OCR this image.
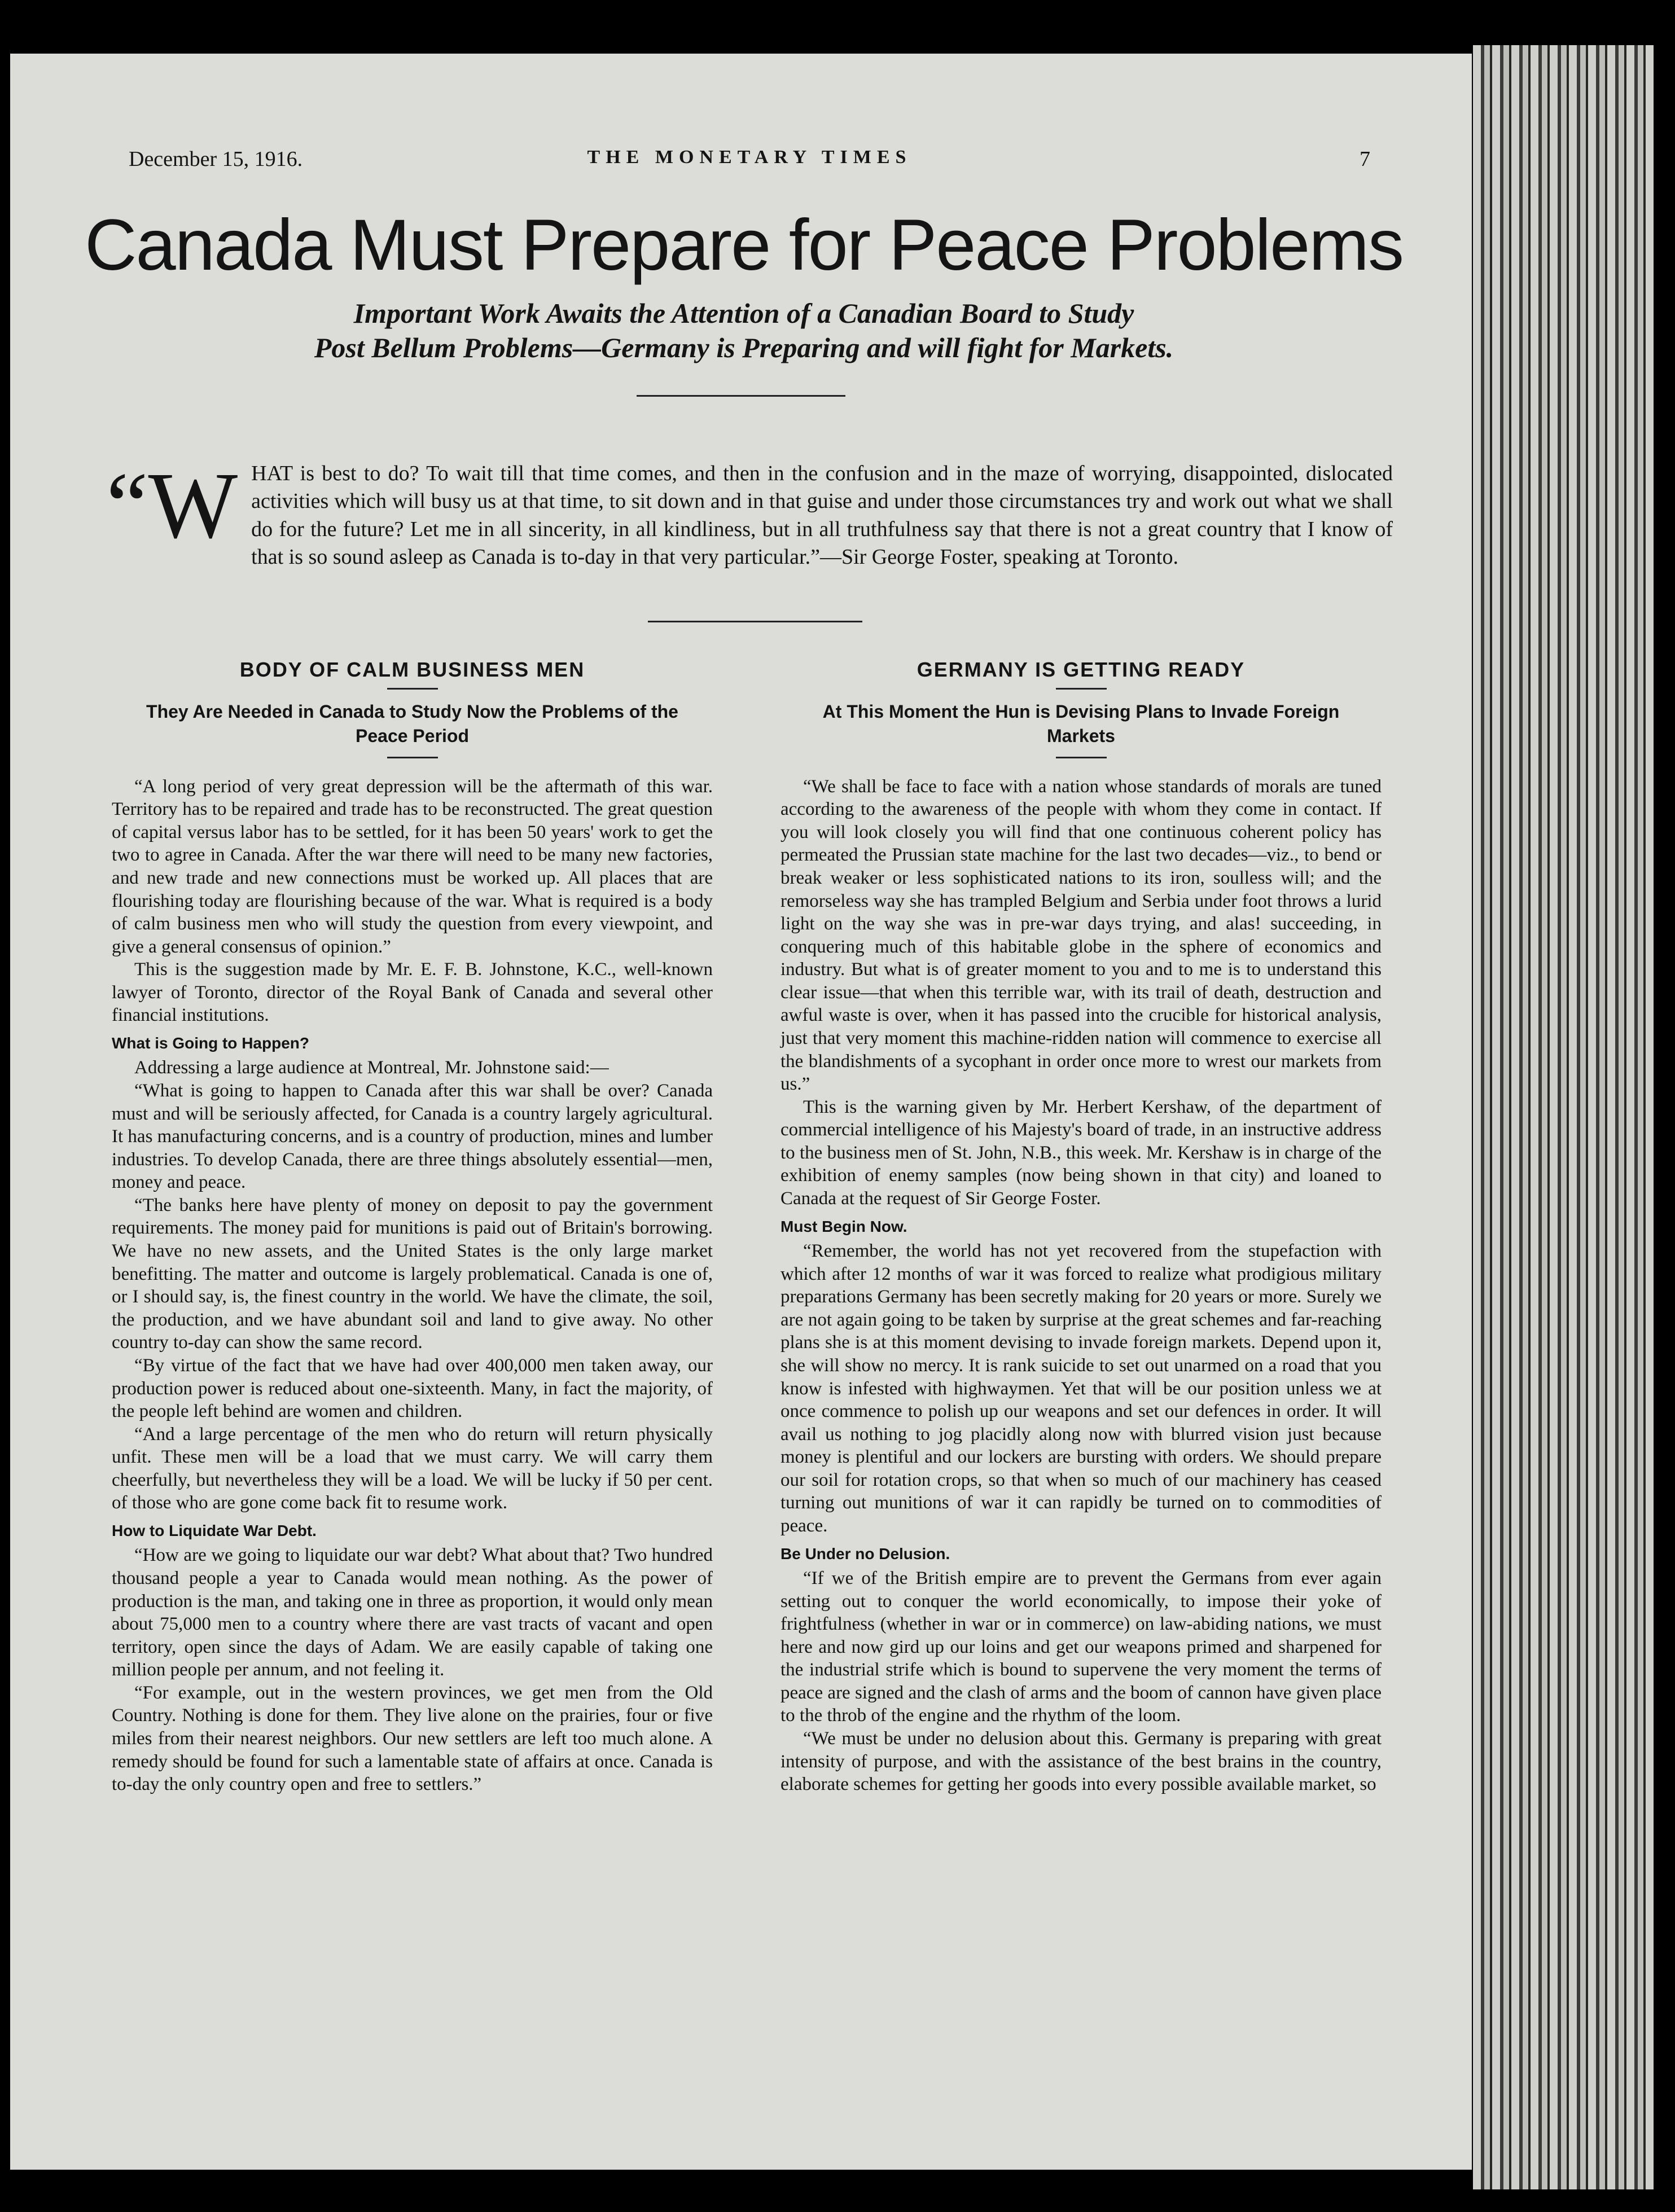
December 15, 1916.	THE MONETARY TIMES	7
Canada Must Prepare for Peace Problems
Important Work Awaits the Attention of a Canadian Board to Study
Post Bellum Problems—Germany is Preparing and will fight for Markets.
“W HAT is best to do? To wait till that time comes, and then in the confusion and in the maze of worrying, disappointed, dislocated activities which will busy us at that time, to sit down and in that guise and under those circumstances try and work out what we shall do for the future? Let me in all sincerity, in all kindliness, but in all truthfulness say that there is not a great country that I know of that is so sound asleep as Canada is to-day in that very particular.”—Sir George Foster, speaking at Toronto.
BODY OF CALM BUSINESS MEN
They Are Needed in Canada to Study Now the Problems of the Peace Period

“A long period of very great depression will be the aftermath of this war. Territory has to be repaired and trade has to be reconstructed. The great question of capital versus labor has to be settled, for it has been 50 years' work to get the two to agree in Canada. After the war there will need to be many new factories, and new trade and new connections must be worked up. All places that are flourishing today are flourishing because of the war. What is required is a body of calm business men who will study the question from every viewpoint, and give a general consensus of opinion.”

This is the suggestion made by Mr. E. F. B. Johnstone, K.C., well-known lawyer of Toronto, director of the Royal Bank of Canada and several other financial institutions.

What is Going to Happen?

Addressing a large audience at Montreal, Mr. Johnstone said:—

“What is going to happen to Canada after this war shall be over? Canada must and will be seriously affected, for Canada is a country largely agricultural. It has manufacturing concerns, and is a country of production, mines and lumber industries. To develop Canada, there are three things absolutely essential—men, money and peace.

“The banks here have plenty of money on deposit to pay the government requirements. The money paid for munitions is paid out of Britain's borrowing. We have no new assets, and the United States is the only large market benefitting. The matter and outcome is largely problematical. Canada is one of, or I should say, is, the finest country in the world. We have the climate, the soil, the production, and we have abundant soil and land to give away. No other country to-day can show the same record.

“By virtue of the fact that we have had over 400,000 men taken away, our production power is reduced about one-sixteenth. Many, in fact the majority, of the people left behind are women and children.

“And a large percentage of the men who do return will return physically unfit. These men will be a load that we must carry. We will carry them cheerfully, but nevertheless they will be a load. We will be lucky if 50 per cent. of those who are gone come back fit to resume work.

How to Liquidate War Debt.

“How are we going to liquidate our war debt? What about that? Two hundred thousand people a year to Canada would mean nothing. As the power of production is the man, and taking one in three as proportion, it would only mean about 75,000 men to a country where there are vast tracts of vacant and open territory, open since the days of Adam. We are easily capable of taking one million people per annum, and not feeling it.

“For example, out in the western provinces, we get men from the Old Country. Nothing is done for them. They live alone on the prairies, four or five miles from their nearest neighbors. Our new settlers are left too much alone. A remedy should be found for such a lamentable state of affairs at once. Canada is to-day the only country open and free to settlers.”

GERMANY IS GETTING READY
At This Moment the Hun is Devising Plans to Invade Foreign Markets

“We shall be face to face with a nation whose standards of morals are tuned according to the awareness of the people with whom they come in contact. If you will look closely you will find that one continuous coherent policy has permeated the Prussian state machine for the last two decades—viz., to bend or break weaker or less sophisticated nations to its iron, soulless will; and the remorseless way she has trampled Belgium and Serbia under foot throws a lurid light on the way she was in pre-war days trying, and alas! succeeding, in conquering much of this habitable globe in the sphere of economics and industry. But what is of greater moment to you and to me is to understand this clear issue—that when this terrible war, with its trail of death, destruction and awful waste is over, when it has passed into the crucible for historical analysis, just that very moment this machine-ridden nation will commence to exercise all the blandishments of a sycophant in order once more to wrest our markets from us.”

This is the warning given by Mr. Herbert Kershaw, of the department of commercial intelligence of his Majesty's board of trade, in an instructive address to the business men of St. John, N.B., this week. Mr. Kershaw is in charge of the exhibition of enemy samples (now being shown in that city) and loaned to Canada at the request of Sir George Foster.

Must Begin Now.

“Remember, the world has not yet recovered from the stupefaction with which after 12 months of war it was forced to realize what prodigious military preparations Germany has been secretly making for 20 years or more. Surely we are not again going to be taken by surprise at the great schemes and far-reaching plans she is at this moment devising to invade foreign markets. Depend upon it, she will show no mercy. It is rank suicide to set out unarmed on a road that you know is infested with highwaymen. Yet that will be our position unless we at once commence to polish up our weapons and set our defences in order. It will avail us nothing to jog placidly along now with blurred vision just because money is plentiful and our lockers are bursting with orders. We should prepare our soil for rotation crops, so that when so much of our machinery has ceased turning out munitions of war it can rapidly be turned on to commodities of peace.

Be Under no Delusion.

“If we of the British empire are to prevent the Germans from ever again setting out to conquer the world economically, to impose their yoke of frightfulness (whether in war or in commerce) on law-abiding nations, we must here and now gird up our loins and get our weapons primed and sharpened for the industrial strife which is bound to supervene the very moment the terms of peace are signed and the clash of arms and the boom of cannon have given place to the throb of the engine and the rhythm of the loom.

“We must be under no delusion about this. Germany is preparing with great intensity of purpose, and with the assistance of the best brains in the country, elaborate schemes for getting her goods into every possible available market, so
